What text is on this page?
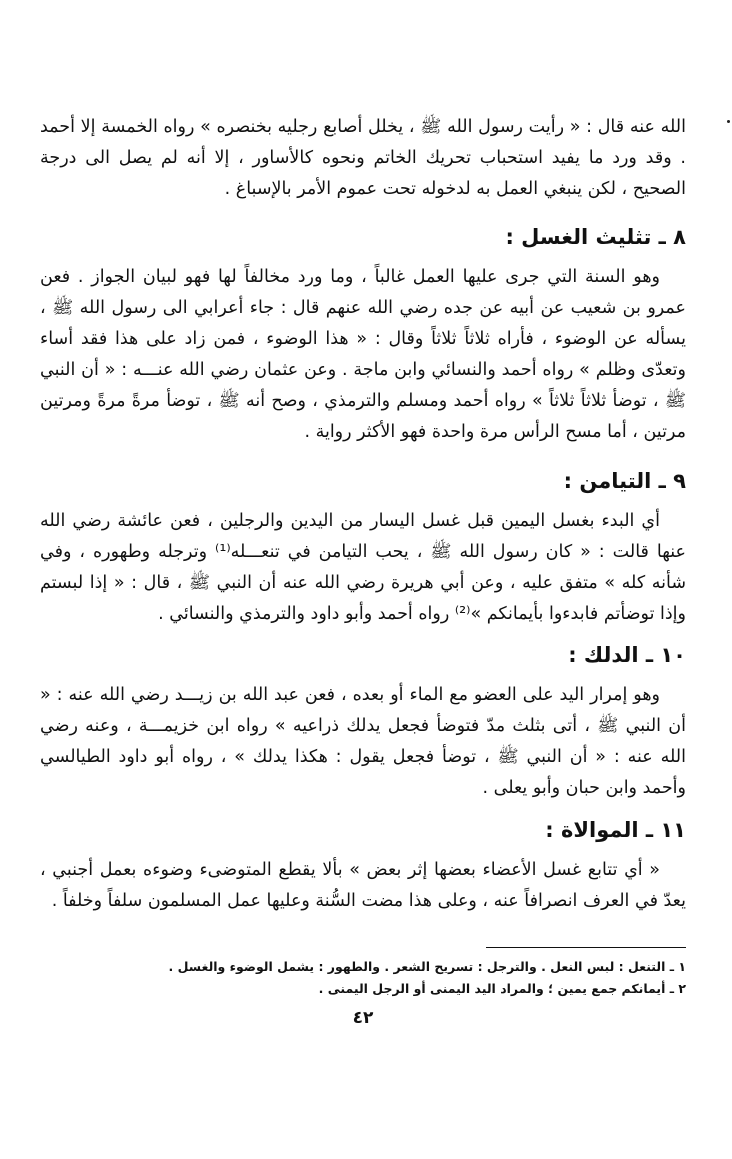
الله عنه قال : « رأيت رسول الله ﷺ ، يخلل أصابع رجليه بخنصره » رواه الخمسة إلا أحمد . وقد ورد ما يفيد استحباب تحريك الخاتم ونحوه كالأساور ، إلا أنه لم يصل الى درجة الصحيح ، لكن ينبغي العمل به لدخوله تحت عموم الأمر بالإسباغ .

٨ ـ تثليث الغسل :

وهو السنة التي جرى عليها العمل غالباً ، وما ورد مخالفاً لها فهو لبيان الجواز . فعن عمرو بن شعيب عن أبيه عن جده رضي الله عنهم قال : جاء أعرابي الى رسول الله ﷺ ، يسأله عن الوضوء ، فأراه ثلاثاً ثلاثاً وقال : « هذا الوضوء ، فمن زاد على هذا فقد أساء وتعدّى وظلم » رواه أحمد والنسائي وابن ماجة . وعن عثمان رضي الله عنـــه : « أن النبي ﷺ ، توضأ ثلاثاً ثلاثاً » رواه أحمد ومسلم والترمذي ، وصح أنه ﷺ ، توضأ مرةً مرةً ومرتين مرتين ، أما مسح الرأس مرة واحدة فهو الأكثر رواية .

٩ ـ التيامن :

أي البدء بغسل اليمين قبل غسل اليسار من اليدين والرجلين ، فعن عائشة رضي الله عنها قالت : « كان رسول الله ﷺ ، يحب التيامن في تنعـــله⁽¹⁾ وترجله وطهوره ، وفي شأنه كله » متفق عليه ، وعن أبي هريرة رضي الله عنه أن النبي ﷺ ، قال : « إذا لبستم وإذا توضأتم فابدءوا بأيمانكم »⁽²⁾ رواه أحمد وأبو داود والترمذي والنسائي .

١٠ ـ الدلك :

وهو إمرار اليد على العضو مع الماء أو بعده ، فعن عبد الله بن زيـــد رضي الله عنه : « أن النبي ﷺ ، أتى بثلث مدّ فتوضأ فجعل يدلك ذراعيه » رواه ابن خزيمـــة ، وعنه رضي الله عنه : « أن النبي ﷺ ، توضأ فجعل يقول : هكذا يدلك » ، رواه أبو داود الطيالسي وأحمد وابن حبان وأبو يعلى .

١١ ـ الموالاة :

« أي تتابع غسل الأعضاء بعضها إثر بعض » بألا يقطع المتوضىء وضوءه بعمل أجنبي ، يعدّ في العرف انصرافاً عنه ، وعلى هذا مضت السُّنة وعليها عمل المسلمون سلفاً وخلفاً .

١ ـ التنعل : لبس النعل . والترجل : تسريح الشعر . والطهور : يشمل الوضوء والغسل .

٢ ـ أيمانكم جمع يمين ؛ والمراد اليد اليمنى أو الرجل اليمنى .

٤٢
